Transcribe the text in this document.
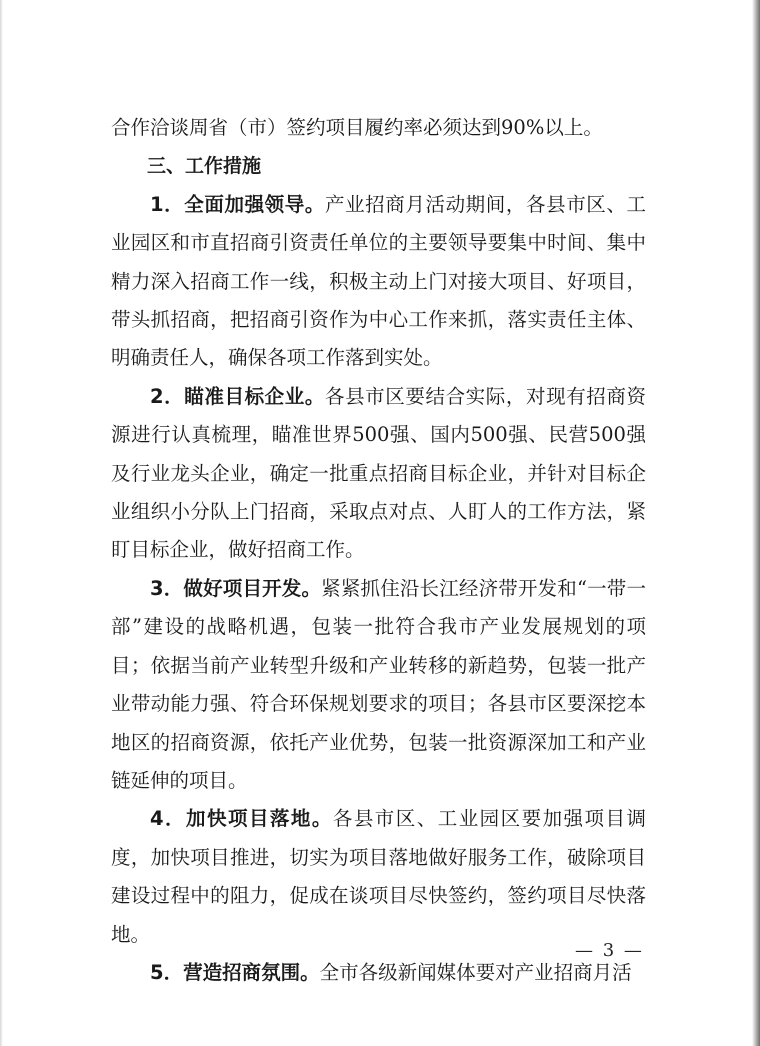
合作洽谈周省（市）签约项目履约率必须达到90%以上。

三、工作措施

1．全面加强领导。产业招商月活动期间，各县市区、工业园区和市直招商引资责任单位的主要领导要集中时间、集中精力深入招商工作一线，积极主动上门对接大项目、好项目，带头抓招商，把招商引资作为中心工作来抓，落实责任主体、明确责任人，确保各项工作落到实处。

2．瞄准目标企业。各县市区要结合实际，对现有招商资源进行认真梳理，瞄准世界500强、国内500强、民营500强及行业龙头企业，确定一批重点招商目标企业，并针对目标企业组织小分队上门招商，采取点对点、人盯人的工作方法，紧盯目标企业，做好招商工作。

3．做好项目开发。紧紧抓住沿长江经济带开发和“一带一部”建设的战略机遇，包装一批符合我市产业发展规划的项目；依据当前产业转型升级和产业转移的新趋势，包装一批产业带动能力强、符合环保规划要求的项目；各县市区要深挖本地区的招商资源，依托产业优势，包装一批资源深加工和产业链延伸的项目。

4．加快项目落地。各县市区、工业园区要加强项目调度，加快项目推进，切实为项目落地做好服务工作，破除项目建设过程中的阻力，促成在谈项目尽快签约，签约项目尽快落地。

5．营造招商氛围。全市各级新闻媒体要对产业招商月活

— 3 —
